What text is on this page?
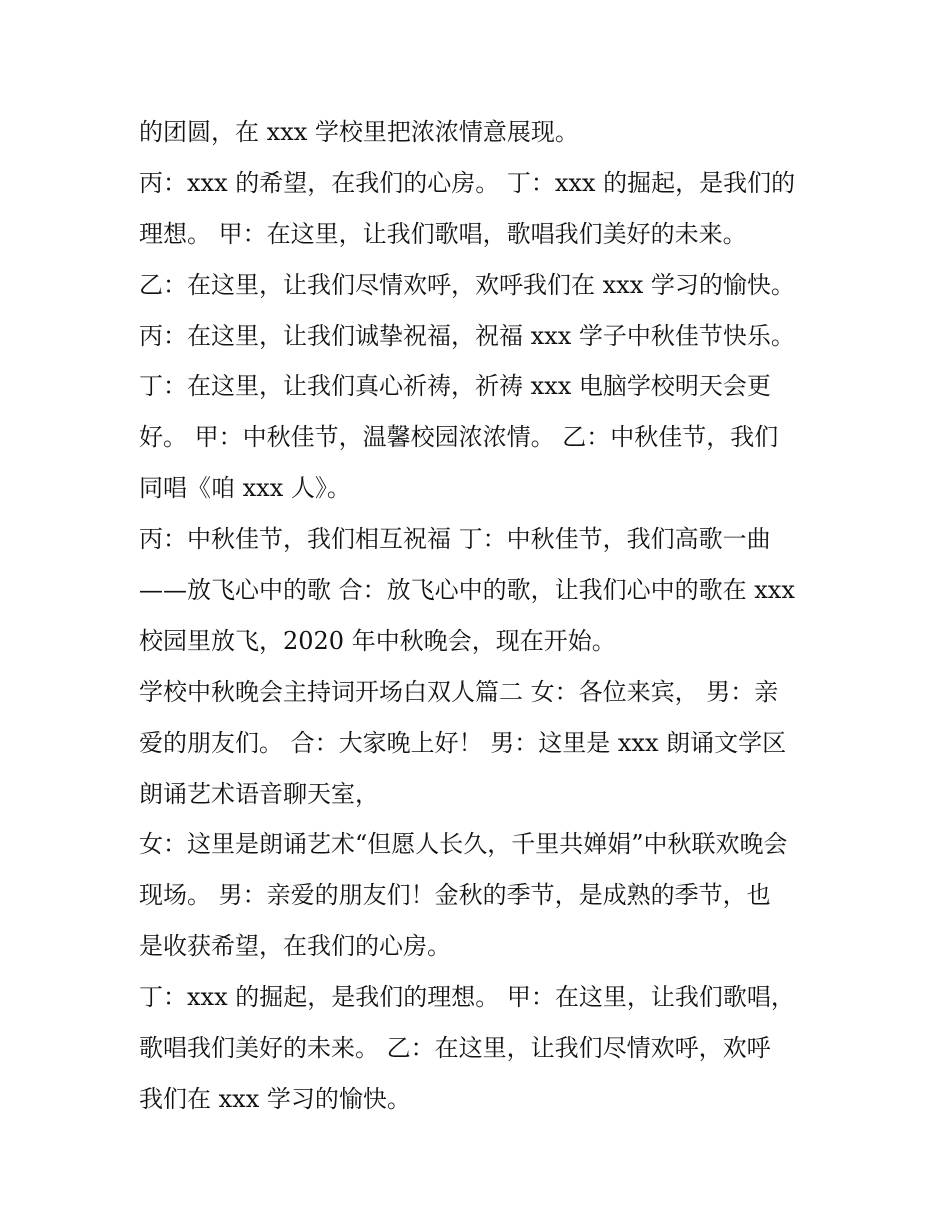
的团圆，在 xxx 学校里把浓浓情意展现。

丙：xxx 的希望，在我们的心房。 丁：xxx 的掘起，是我们的

理想。 甲：在这里，让我们歌唱，歌唱我们美好的未来。

乙：在这里，让我们尽情欢呼，欢呼我们在 xxx 学习的愉快。

丙：在这里，让我们诚挚祝福，祝福 xxx 学子中秋佳节快乐。

丁：在这里，让我们真心祈祷，祈祷 xxx 电脑学校明天会更

好。 甲：中秋佳节，温馨校园浓浓情。 乙：中秋佳节，我们

同唱《咱 xxx 人》。

丙：中秋佳节，我们相互祝福 丁：中秋佳节，我们高歌一曲

——放飞心中的歌 合：放飞心中的歌，让我们心中的歌在 xxx

校园里放飞，2020 年中秋晚会，现在开始。

学校中秋晚会主持词开场白双人篇二 女：各位来宾， 男：亲

爱的朋友们。 合：大家晚上好！ 男：这里是 xxx 朗诵文学区

朗诵艺术语音聊天室，

女：这里是朗诵艺术“但愿人长久，千里共婵娟”中秋联欢晚会

现场。 男：亲爱的朋友们！金秋的季节，是成熟的季节，也

是收获希望，在我们的心房。

丁：xxx 的掘起，是我们的理想。 甲：在这里，让我们歌唱，

歌唱我们美好的未来。 乙：在这里，让我们尽情欢呼，欢呼

我们在 xxx 学习的愉快。
